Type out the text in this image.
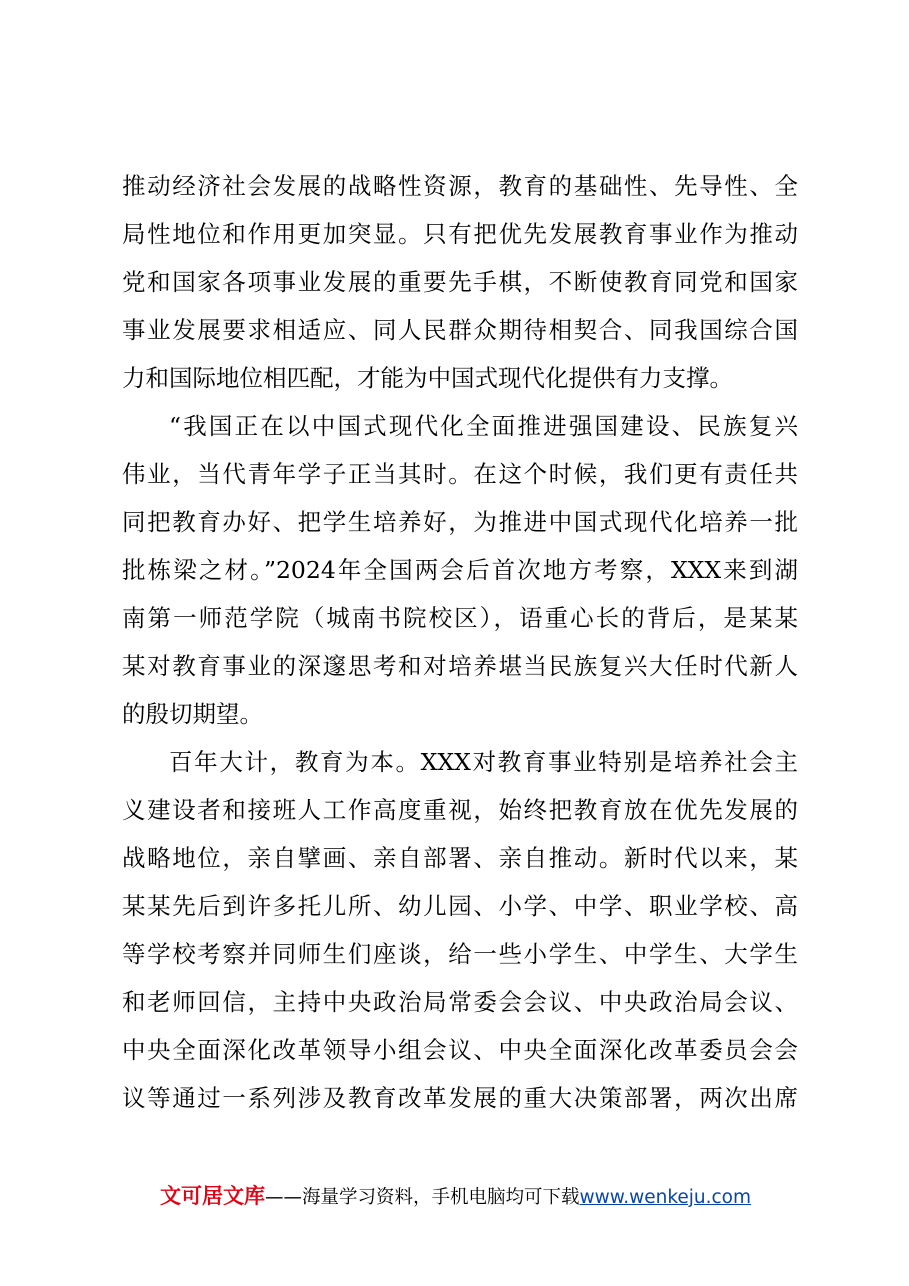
推动经济社会发展的战略性资源，教育的基础性、先导性、全
局性地位和作用更加突显。只有把优先发展教育事业作为推动
党和国家各项事业发展的重要先手棋，不断使教育同党和国家
事业发展要求相适应、同人民群众期待相契合、同我国综合国
力和国际地位相匹配，才能为中国式现代化提供有力支撑。
“我国正在以中国式现代化全面推进强国建设、民族复兴
伟业，当代青年学子正当其时。在这个时候，我们更有责任共
同把教育办好、把学生培养好，为推进中国式现代化培养一批
批栋梁之材。”2024年全国两会后首次地方考察，XXX来到湖
南第一师范学院（城南书院校区），语重心长的背后，是某某
某对教育事业的深邃思考和对培养堪当民族复兴大任时代新人
的殷切期望。
百年大计，教育为本。XXX对教育事业特别是培养社会主
义建设者和接班人工作高度重视，始终把教育放在优先发展的
战略地位，亲自擘画、亲自部署、亲自推动。新时代以来，某
某某先后到许多托儿所、幼儿园、小学、中学、职业学校、高
等学校考察并同师生们座谈，给一些小学生、中学生、大学生
和老师回信，主持中央政治局常委会会议、中央政治局会议、
中央全面深化改革领导小组会议、中央全面深化改革委员会会
议等通过一系列涉及教育改革发展的重大决策部署，两次出席
文可居文库——海量学习资料，手机电脑均可下载www.wenkeju.com
